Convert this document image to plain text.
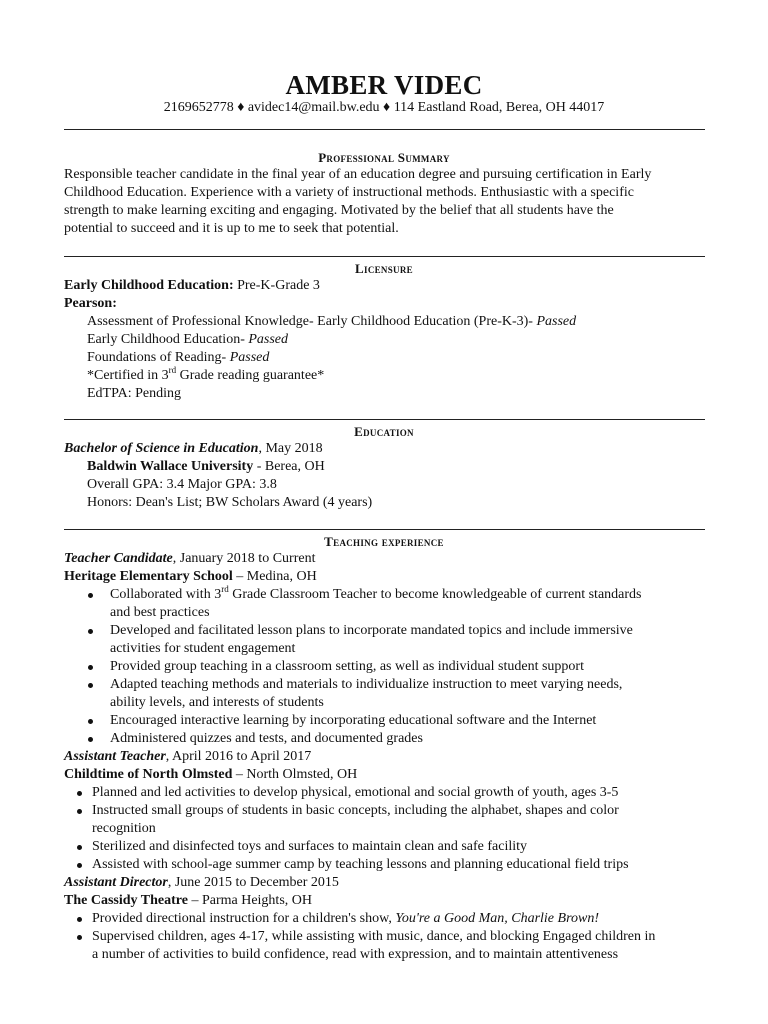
AMBER VIDEC
2169652778 ♦ avidec14@mail.bw.edu ♦ 114 Eastland Road, Berea, OH 44017
Professional Summary
Responsible teacher candidate in the final year of an education degree and pursuing certification in Early
Childhood Education. Experience with a variety of instructional methods. Enthusiastic with a specific
strength to make learning exciting and engaging. Motivated by the belief that all students have the
potential to succeed and it is up to me to seek that potential.
Licensure
Early Childhood Education: Pre-K-Grade 3
Pearson:
Assessment of Professional Knowledge- Early Childhood Education (Pre-K-3)- Passed
Early Childhood Education- Passed
Foundations of Reading- Passed
*Certified in 3rd Grade reading guarantee*
EdTPA: Pending
Education
Bachelor of Science in Education, May 2018
Baldwin Wallace University - Berea, OH
Overall GPA: 3.4 Major GPA: 3.8
Honors: Dean's List; BW Scholars Award (4 years)
Teaching experience
Teacher Candidate, January 2018 to Current
Heritage Elementary School – Medina, OH
Collaborated with 3rd Grade Classroom Teacher to become knowledgeable of current standards
and best practices
Developed and facilitated lesson plans to incorporate mandated topics and include immersive
activities for student engagement
Provided group teaching in a classroom setting, as well as individual student support
Adapted teaching methods and materials to individualize instruction to meet varying needs,
ability levels, and interests of students
Encouraged interactive learning by incorporating educational software and the Internet
Administered quizzes and tests, and documented grades
Assistant Teacher, April 2016 to April 2017
Childtime of North Olmsted – North Olmsted, OH
Planned and led activities to develop physical, emotional and social growth of youth, ages 3-5
Instructed small groups of students in basic concepts, including the alphabet, shapes and color
recognition
Sterilized and disinfected toys and surfaces to maintain clean and safe facility
Assisted with school-age summer camp by teaching lessons and planning educational field trips
Assistant Director, June 2015 to December 2015
The Cassidy Theatre – Parma Heights, OH
Provided directional instruction for a children's show, You're a Good Man, Charlie Brown!
Supervised children, ages 4-17, while assisting with music, dance, and blocking Engaged children in
a number of activities to build confidence, read with expression, and to maintain attentiveness
